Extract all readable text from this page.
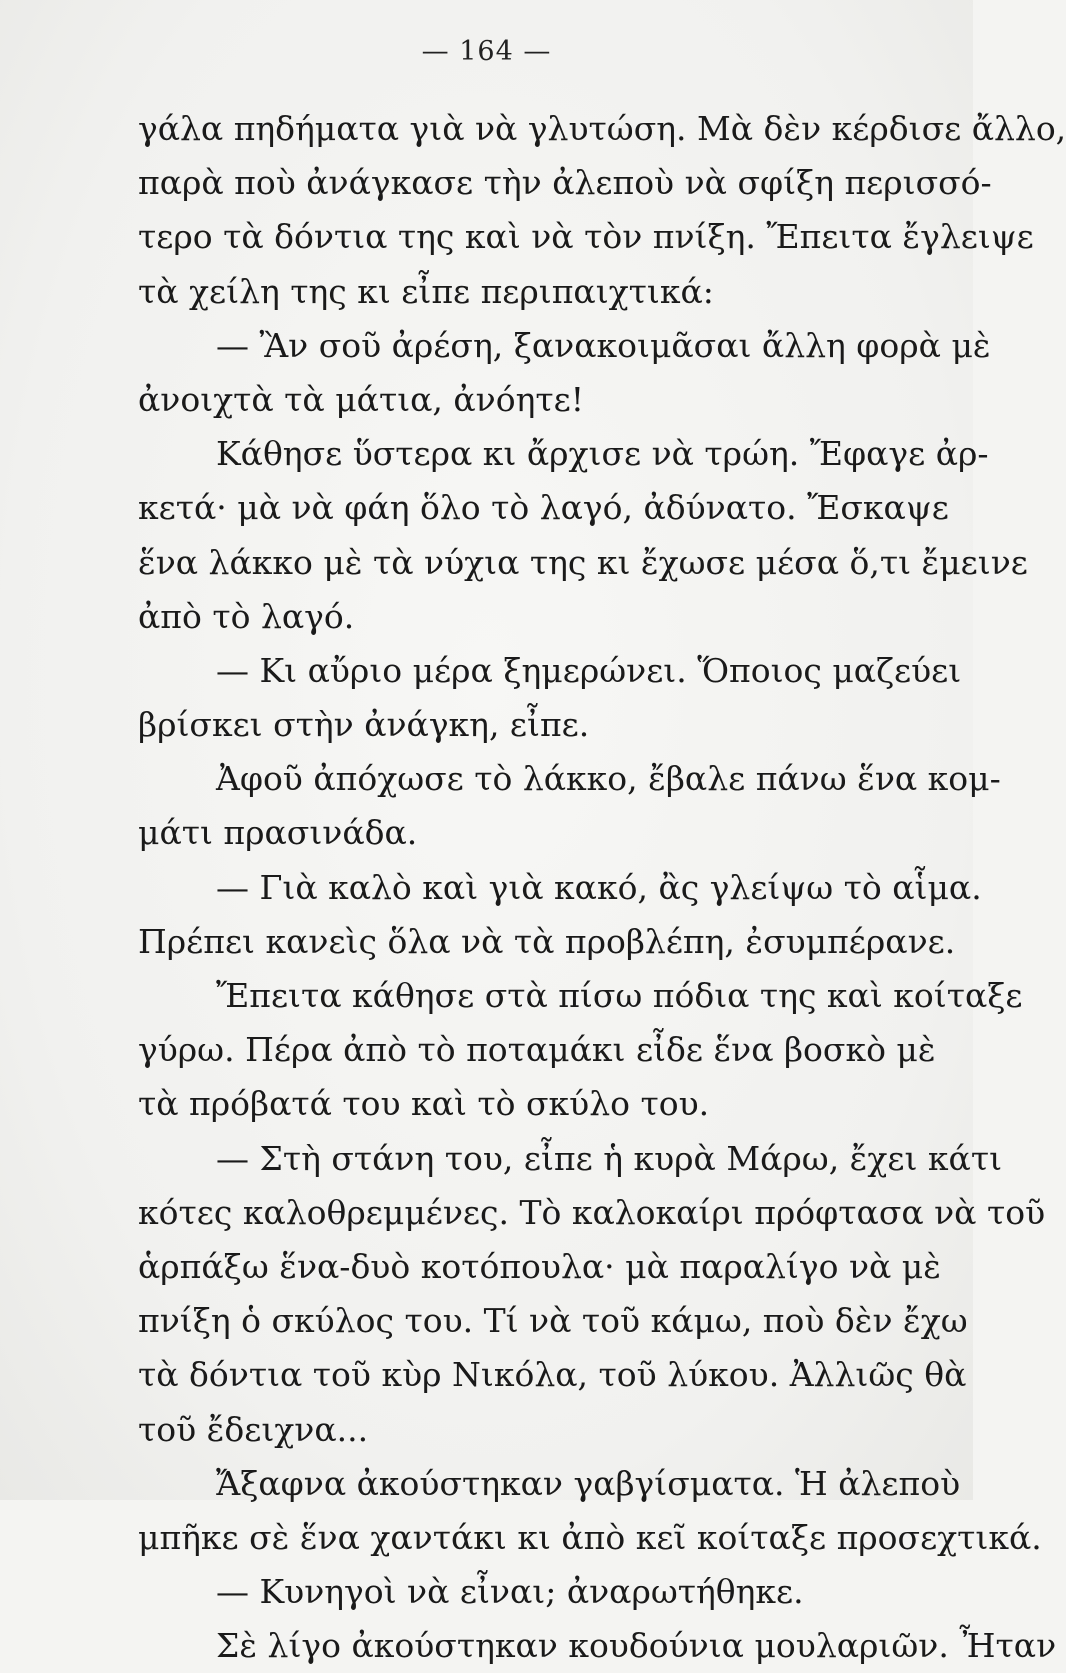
— 164 —
γάλα πηδήματα γιὰ νὰ γλυτώση. Μὰ δὲν κέρδισε ἄλλο,
παρὰ ποὺ ἀνάγκασε τὴν ἀλεποὺ νὰ σφίξη περισσό-
τερο τὰ δόντια της καὶ νὰ τὸν πνίξη. Ἔπειτα ἔγλειψε
τὰ χείλη της κι εἶπε περιπαιχτικά:
— Ἂν σοῦ ἀρέση, ξανακοιμᾶσαι ἄλλη φορὰ μὲ
ἀνοιχτὰ τὰ μάτια, ἀνόητε!
Κάθησε ὕστερα κι ἄρχισε νὰ τρώη. Ἔφαγε ἀρ-
κετά· μὰ νὰ φάη ὅλο τὸ λαγό, ἀδύνατο. Ἔσκαψε
ἕνα λάκκο μὲ τὰ νύχια της κι ἔχωσε μέσα ὅ,τι ἔμεινε
ἀπὸ τὸ λαγό.
— Κι αὔριο μέρα ξημερώνει. Ὅποιος μαζεύει
βρίσκει στὴν ἀνάγκη, εἶπε.
Ἀφοῦ ἀπόχωσε τὸ λάκκο, ἔβαλε πάνω ἕνα κομ-
μάτι πρασινάδα.
— Γιὰ καλὸ καὶ γιὰ κακό, ἂς γλείψω τὸ αἷμα.
Πρέπει κανεὶς ὅλα νὰ τὰ προβλέπη, ἐσυμπέρανε.
Ἔπειτα κάθησε στὰ πίσω πόδια της καὶ κοίταξε
γύρω. Πέρα ἀπὸ τὸ ποταμάκι εἶδε ἕνα βοσκὸ μὲ
τὰ πρόβατά του καὶ τὸ σκύλο του.
— Στὴ στάνη του, εἶπε ἡ κυρὰ Μάρω, ἔχει κάτι
κότες καλοθρεμμένες. Τὸ καλοκαίρι πρόφτασα νὰ τοῦ
ἁρπάξω ἕνα-δυὸ κοτόπουλα· μὰ παραλίγο νὰ μὲ
πνίξη ὁ σκύλος του. Τί νὰ τοῦ κάμω, ποὺ δὲν ἔχω
τὰ δόντια τοῦ κὺρ Νικόλα, τοῦ λύκου. Ἀλλιῶς θὰ
τοῦ ἔδειχνα...
Ἄξαφνα ἀκούστηκαν γαβγίσματα. Ἡ ἀλεποὺ
μπῆκε σὲ ἕνα χαντάκι κι ἀπὸ κεῖ κοίταξε προσεχτικά.
— Κυνηγοὶ νὰ εἶναι; ἀναρωτήθηκε.
Σὲ λίγο ἀκούστηκαν κουδούνια μουλαριῶν. Ἦταν
